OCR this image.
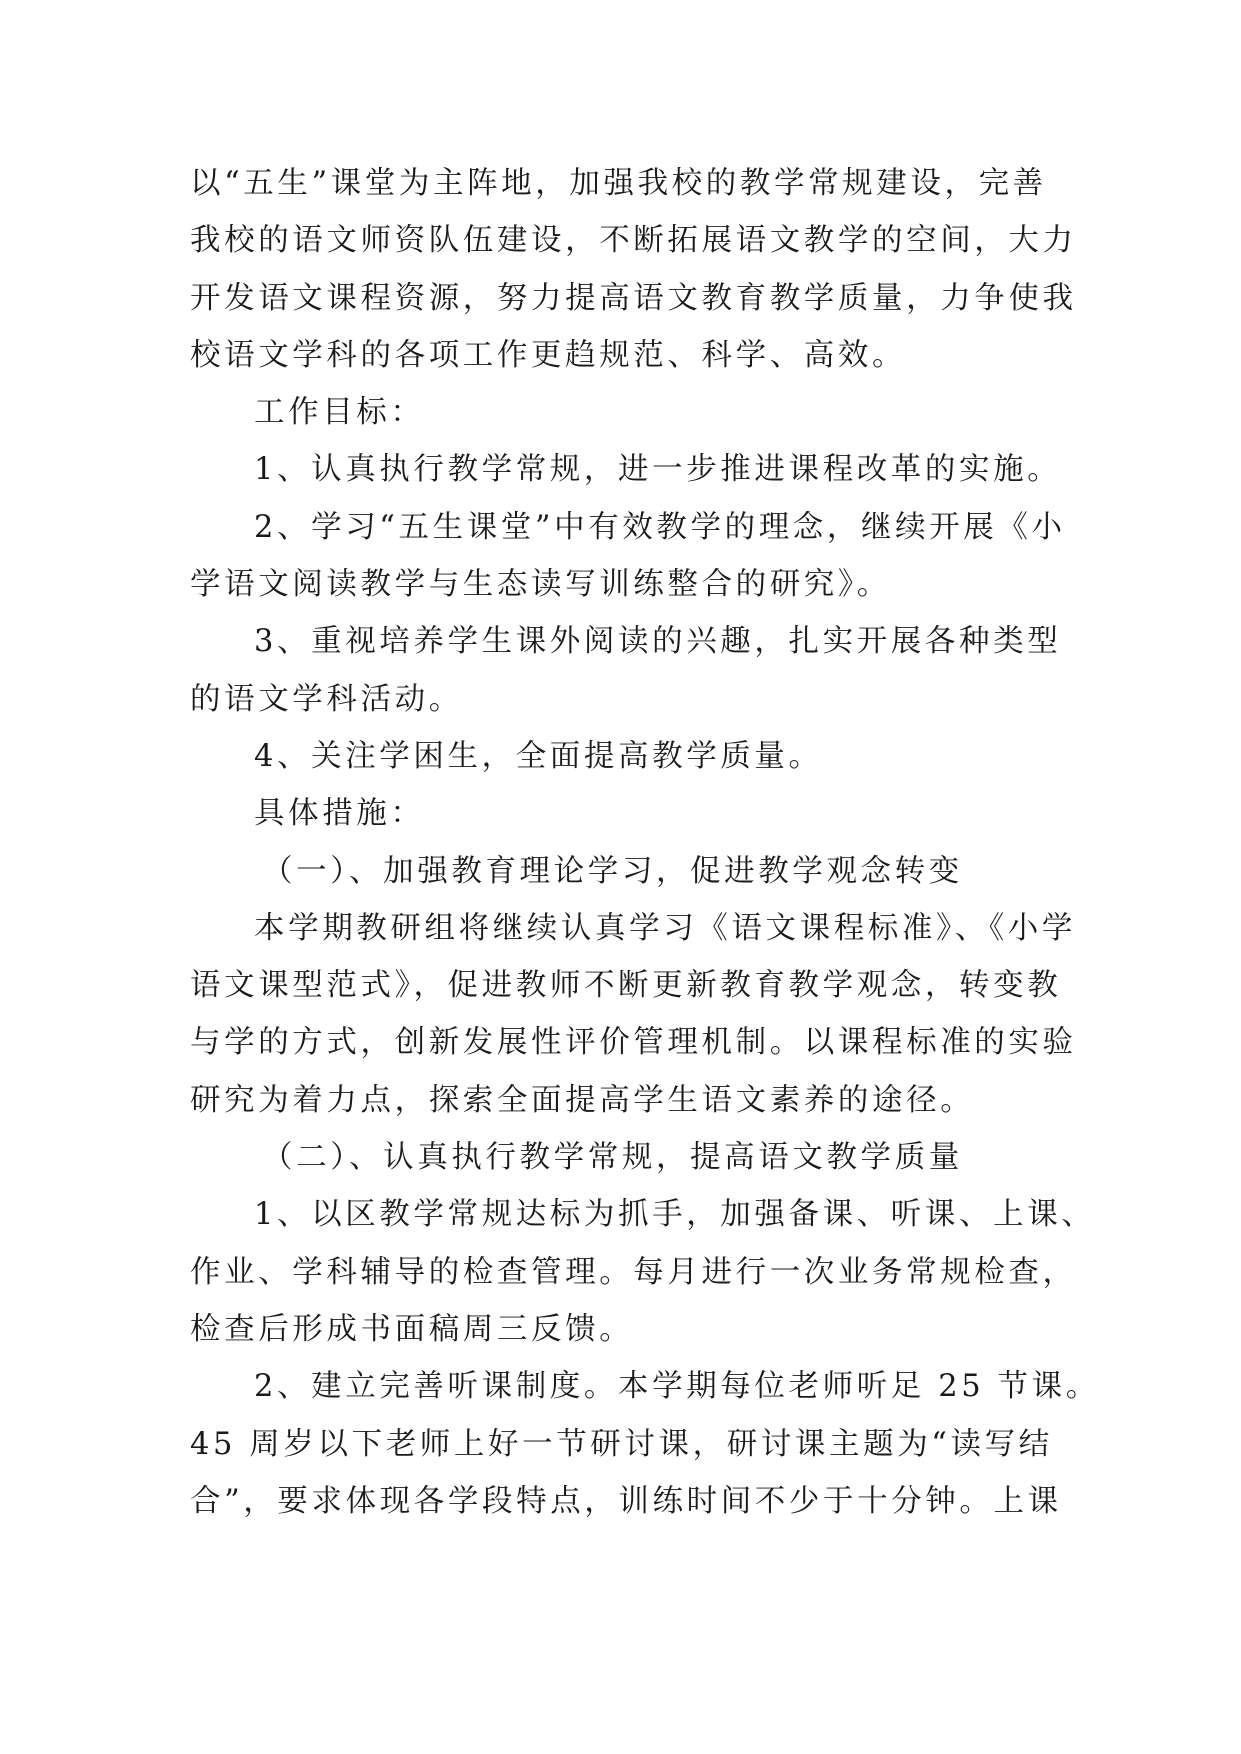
以“五生”课堂为主阵地，加强我校的教学常规建设，完善

我校的语文师资队伍建设，不断拓展语文教学的空间，大力

开发语文课程资源，努力提高语文教育教学质量，力争使我

校语文学科的各项工作更趋规范、科学、高效。

工作目标：

1、认真执行教学常规，进一步推进课程改革的实施。

2、学习“五生课堂”中有效教学的理念，继续开展《小

学语文阅读教学与生态读写训练整合的研究》。

3、重视培养学生课外阅读的兴趣，扎实开展各种类型

的语文学科活动。

4、关注学困生，全面提高教学质量。

具体措施：

（一）、加强教育理论学习，促进教学观念转变

本学期教研组将继续认真学习《语文课程标准》、《小学

语文课型范式》，促进教师不断更新教育教学观念，转变教

与学的方式，创新发展性评价管理机制。以课程标准的实验

研究为着力点，探索全面提高学生语文素养的途径。

（二）、认真执行教学常规，提高语文教学质量

1、以区教学常规达标为抓手，加强备课、听课、上课、

作业、学科辅导的检查管理。每月进行一次业务常规检查，

检查后形成书面稿周三反馈。

2、建立完善听课制度。本学期每位老师听足 25 节课。

45 周岁以下老师上好一节研讨课，研讨课主题为“读写结

合”，要求体现各学段特点，训练时间不少于十分钟。上课
